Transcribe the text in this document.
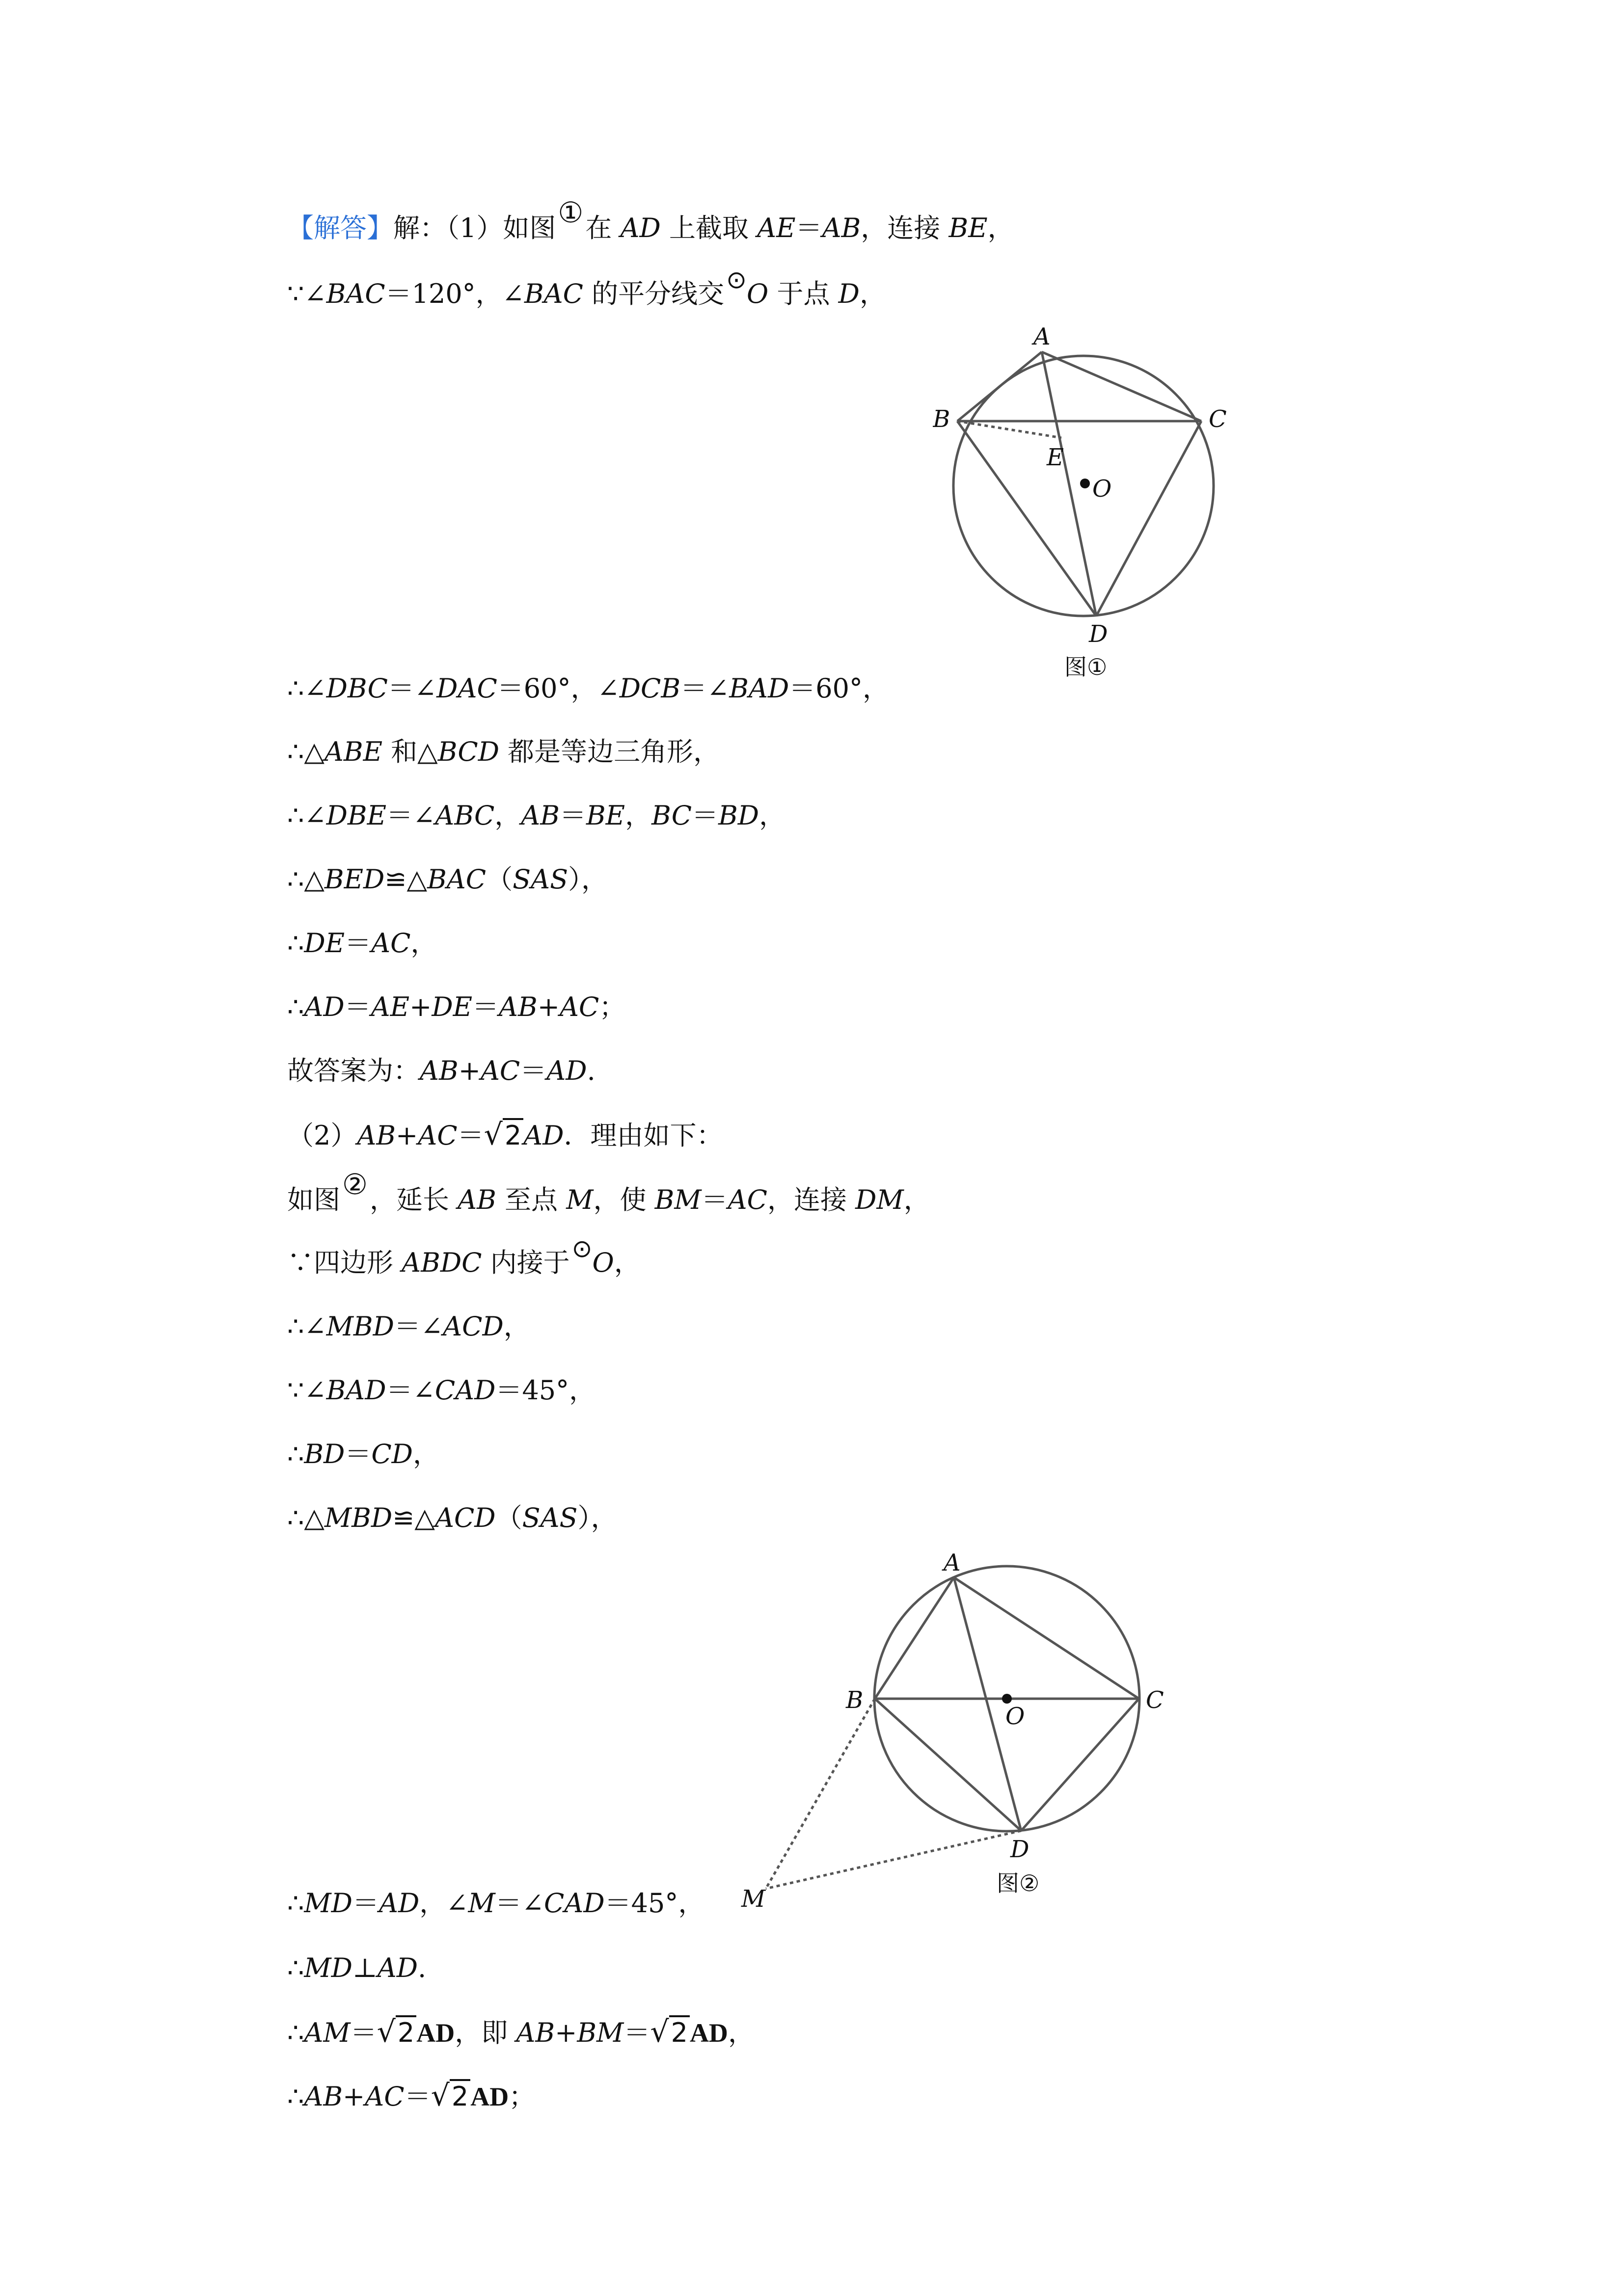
【解答】解：（1）如图①在 AD 上截取 AE＝AB，连接 BE，
∵∠BAC＝120°，∠BAC 的平分线交⊙O 于点 D，
A
B	C
E
O
D
图①
∴∠DBC＝∠DAC＝60°，∠DCB＝∠BAD＝60°，
∴△ABE 和△BCD 都是等边三角形，
∴∠DBE＝∠ABC，AB＝BE，BC＝BD，
∴△BED≌△BAC（SAS），
∴DE＝AC，
∴AD＝AE+DE＝AB+AC；
故答案为：AB+AC＝AD.
（2）AB+AC＝√2AD．理由如下：
如图②，延长 AB 至点 M，使 BM＝AC，连接 DM，
∵四边形 ABDC 内接于⊙O，
∴∠MBD＝∠ACD，
∵∠BAD＝∠CAD＝45°，
∴BD＝CD，
∴△MBD≌△ACD（SAS），
A
B	C
O
D
M
图②
∴MD＝AD，∠M＝∠CAD＝45°，
∴MD⊥AD.
∴AM＝√2AD，即 AB+BM＝√2AD，
∴AB+AC＝√2AD；
